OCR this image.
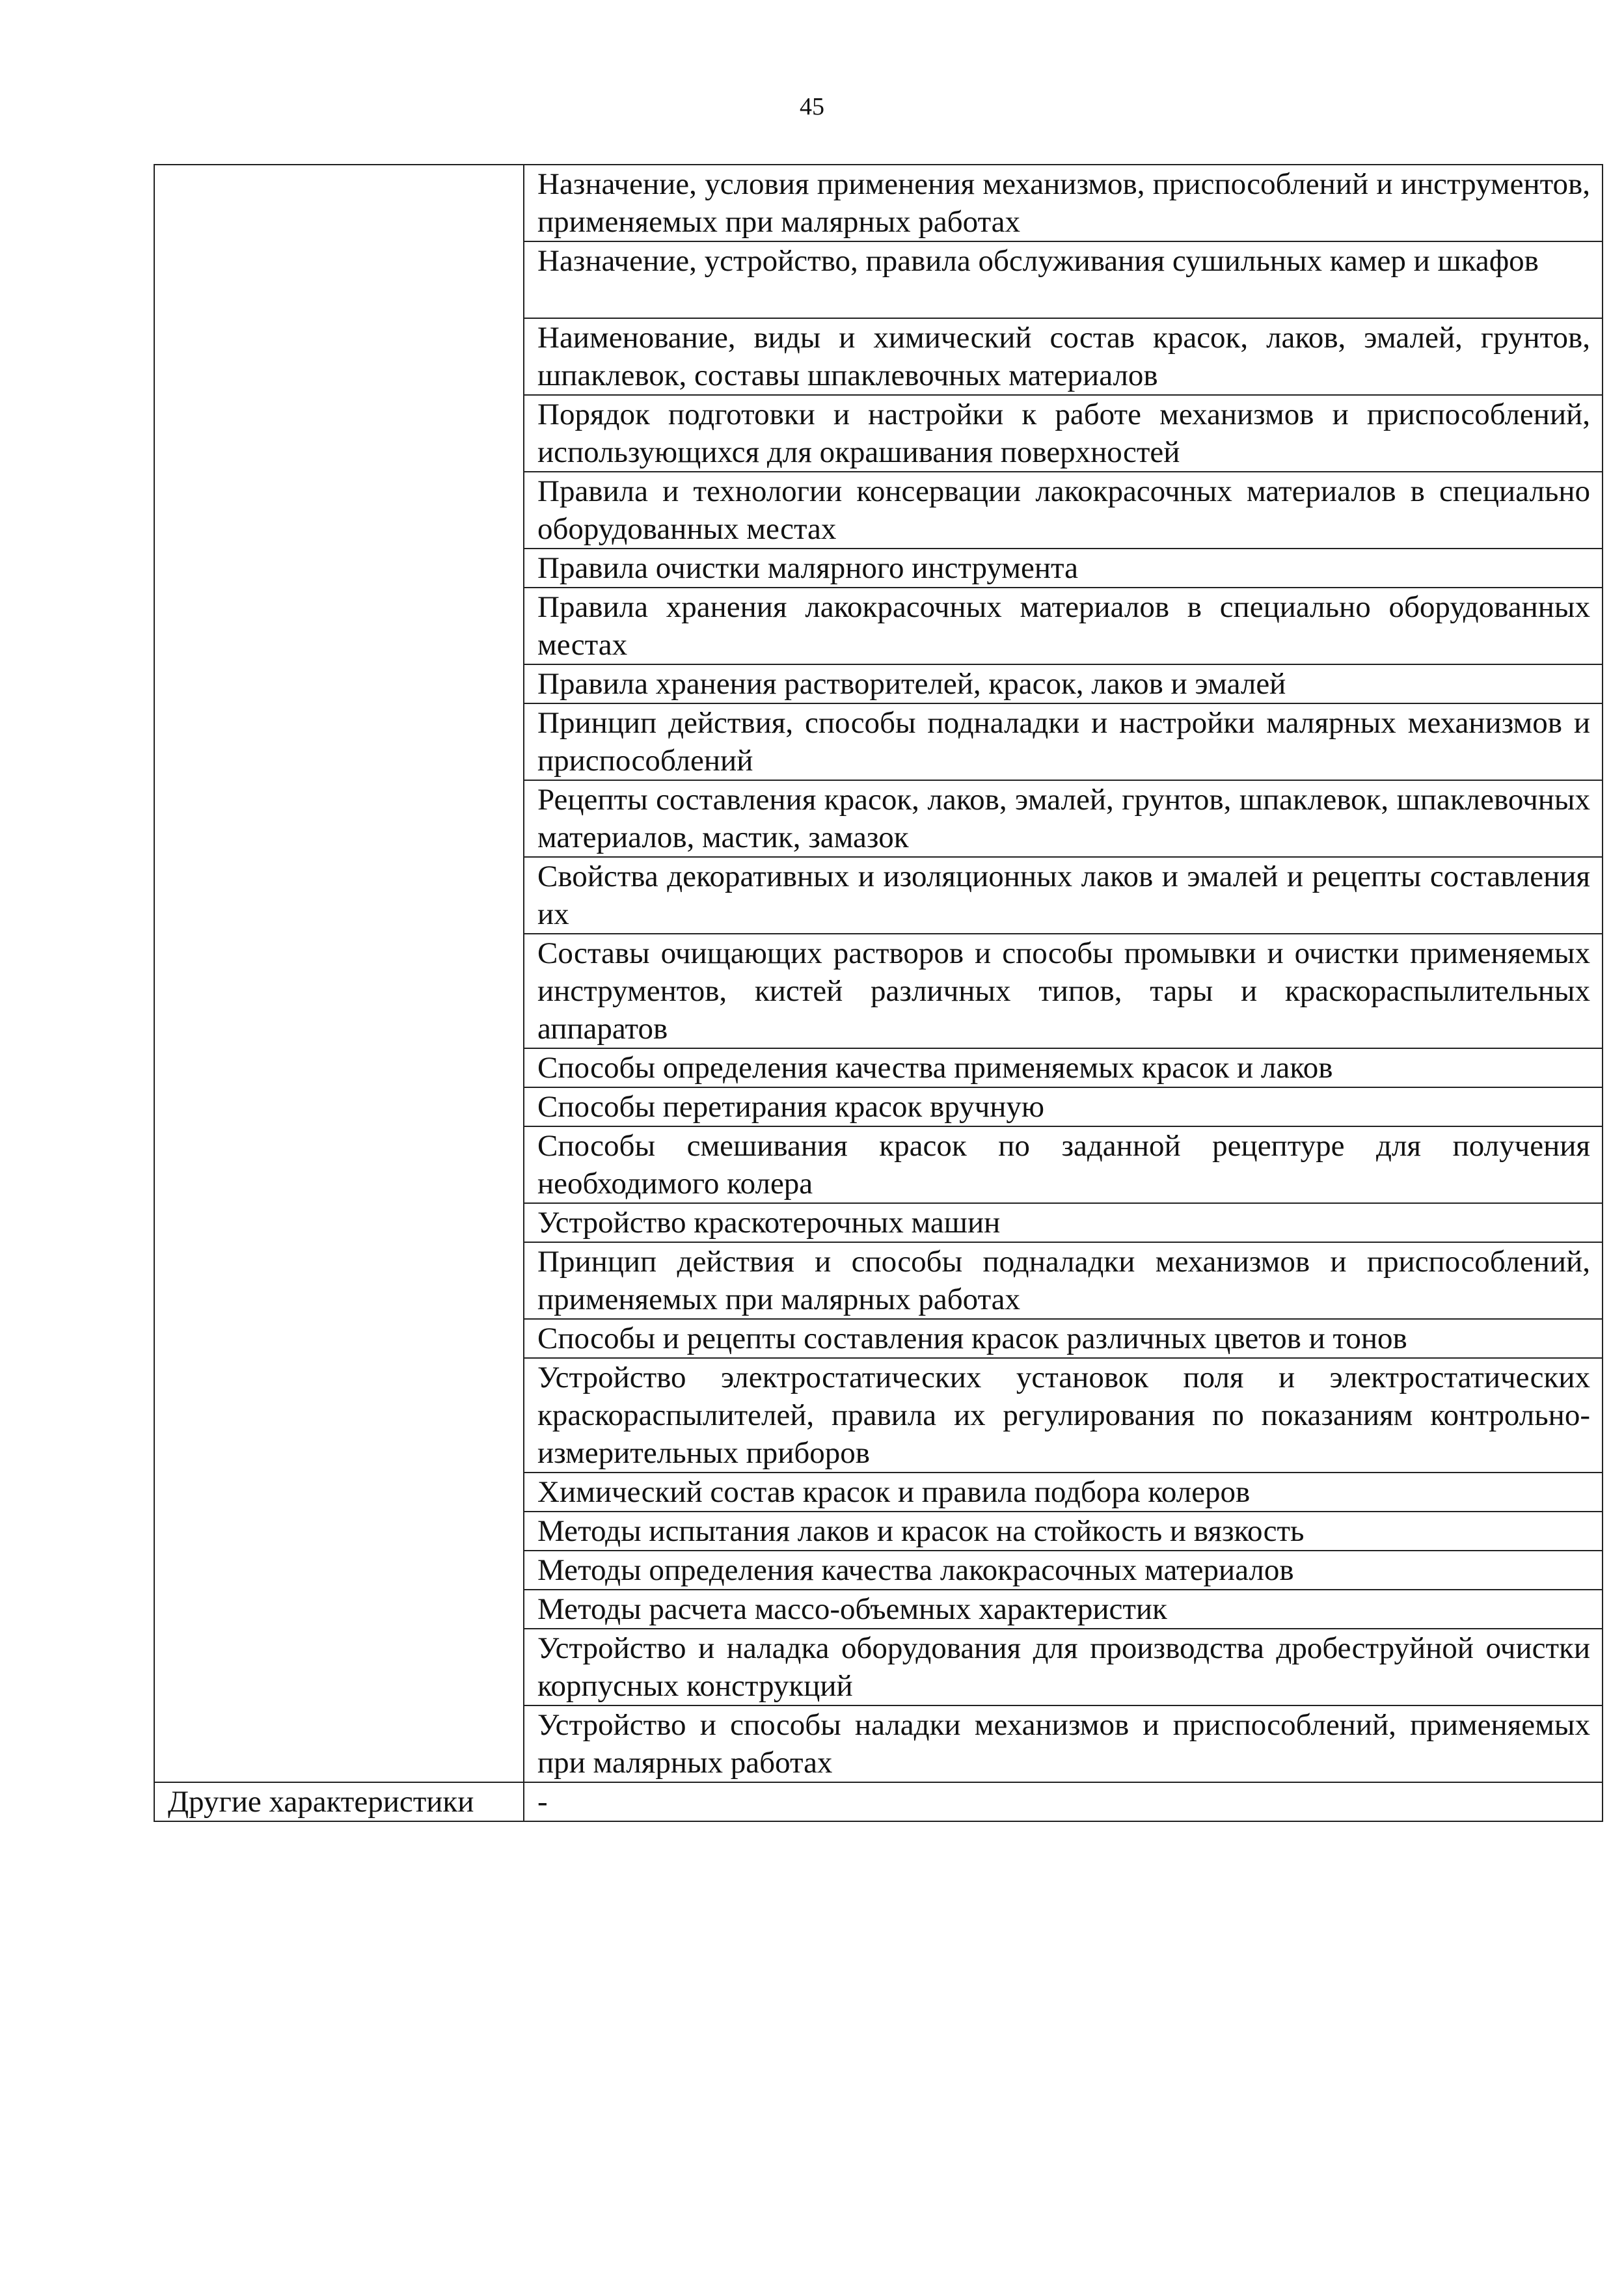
45
	Назначение, условия применения механизмов, приспособлений и инструментов, применяемых при малярных работах
	Назначение, устройство, правила обслуживания сушильных камер и шкафов
	Наименование, виды и химический состав красок, лаков, эмалей, грунтов, шпаклевок, составы шпаклевочных материалов
	Порядок подготовки и настройки к работе механизмов и приспособлений, использующихся для окрашивания поверхностей
	Правила и технологии консервации лакокрасочных материалов в специально оборудованных местах
	Правила очистки малярного инструмента
	Правила хранения лакокрасочных материалов в специально оборудованных местах
	Правила хранения растворителей, красок, лаков и эмалей
	Принцип действия, способы подналадки и настройки малярных механизмов и приспособлений
	Рецепты составления красок, лаков, эмалей, грунтов, шпаклевок, шпаклевочных материалов, мастик, замазок
	Свойства декоративных и изоляционных лаков и эмалей и рецепты составления их
	Составы очищающих растворов и способы промывки и очистки применяемых инструментов, кистей различных типов, тары и краскораспылительных аппаратов
	Способы определения качества применяемых красок и лаков
	Способы перетирания красок вручную
	Способы смешивания красок по заданной рецептуре для получения необходимого колера
	Устройство краскотерочных машин
	Принцип действия и способы подналадки механизмов и приспособлений, применяемых при малярных работах
	Способы и рецепты составления красок различных цветов и тонов
	Устройство электростатических установок поля и электростатических краскораспылителей, правила их регулирования по показаниям контрольно-измерительных приборов
	Химический состав красок и правила подбора колеров
	Методы испытания лаков и красок на стойкость и вязкость
	Методы определения качества лакокрасочных материалов
	Методы расчета массо-объемных характеристик
	Устройство и наладка оборудования для производства дробеструйной очистки корпусных конструкций
	Устройство и способы наладки механизмов и приспособлений, применяемых при малярных работах
Другие характеристики	-
